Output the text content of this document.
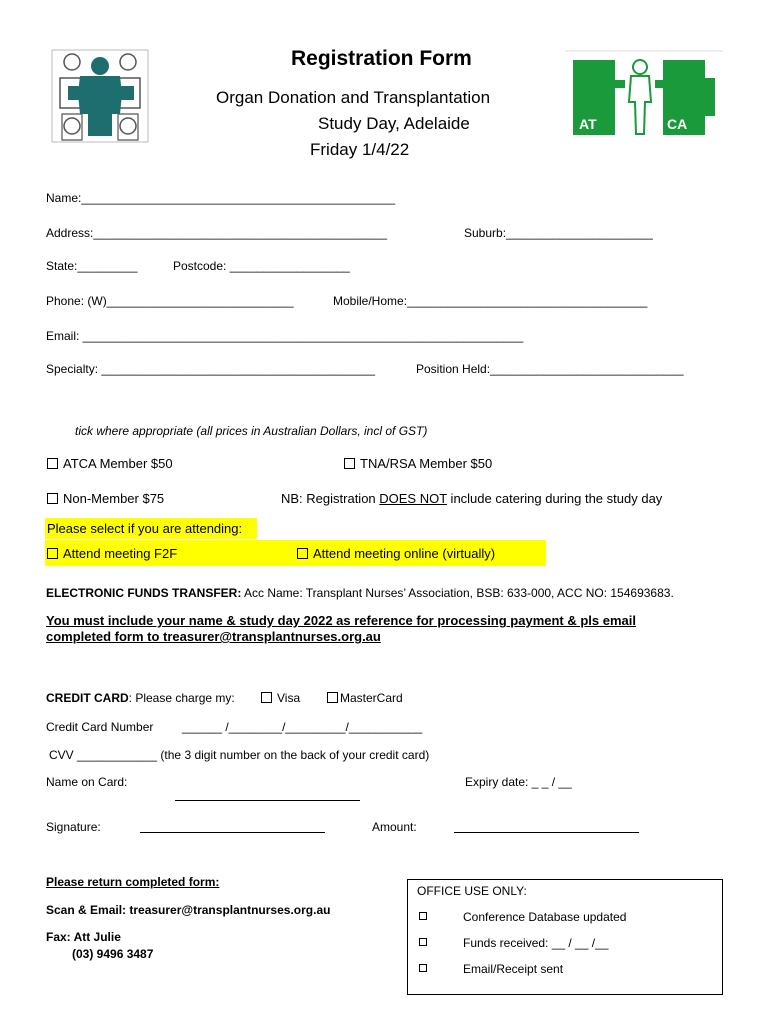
Registration Form
Organ Donation and Transplantation
Study Day, Adelaide
Friday 1/4/22
AT	CA
Name:_______________________________________________
Address:____________________________________________	Suburb:______________________
State:_________	Postcode: __________________
Phone: (W)____________________________	Mobile/Home:____________________________________
Email: __________________________________________________________________
Specialty: _________________________________________	Position Held:_____________________________
tick where appropriate (all prices in Australian Dollars, incl of GST)
ATCA Member $50	TNA/RSA Member $50
Non-Member $75	NB: Registration DOES NOT include catering during the study day
Please select if you are attending:
Attend meeting F2F	Attend meeting online (virtually)
ELECTRONIC FUNDS TRANSFER: Acc Name: Transplant Nurses’ Association, BSB: 633-000, ACC NO: 154693683.
You must include your name & study day 2022 as reference for processing payment & pls email
completed form to treasurer@transplantnurses.org.au
CREDIT CARD: Please charge my:	Visa	MasterCard
Credit Card Number ______ /________/_________/___________
CVV ____________ (the 3 digit number on the back of your credit card)
Name on Card:	Expiry date: _ _ / __
Signature:	Amount:
Please return completed form:
Scan & Email: treasurer@transplantnurses.org.au
Fax: Att Julie
(03) 9496 3487
OFFICE USE ONLY:
Conference Database updated
Funds received: __ / __ /__
Email/Receipt sent
